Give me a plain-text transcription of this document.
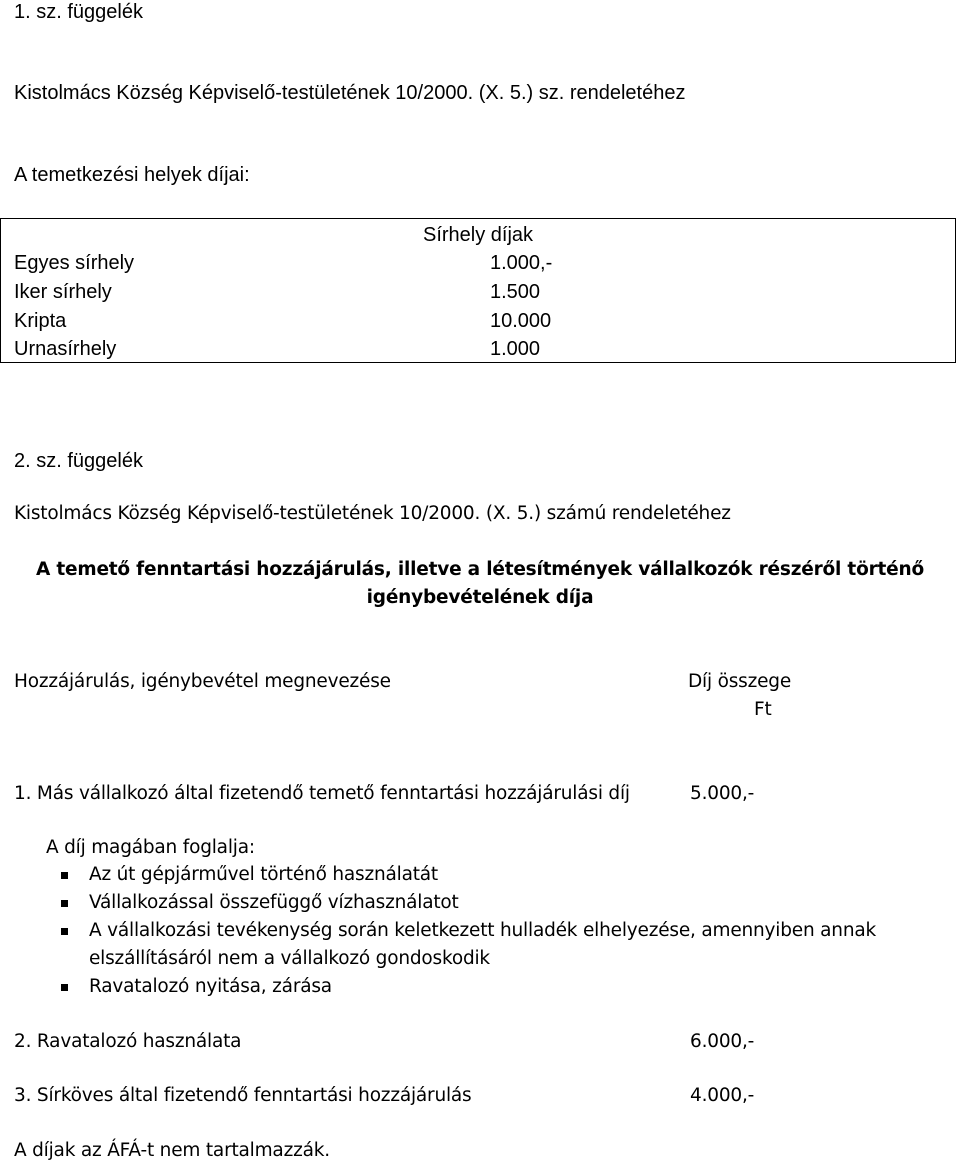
1. sz. függelék
Kistolmács Község Képviselő-testületének 10/2000. (X. 5.) sz. rendeletéhez
A temetkezési helyek díjai:
Sírhely díjak
Egyes sírhely	1.000,-
Iker sírhely	1.500
Kripta	10.000
Urnasírhely	1.000
2. sz. függelék
Kistolmács Község Képviselő-testületének 10/2000. (X. 5.) számú rendeletéhez
A temető fenntartási hozzájárulás, illetve a létesítmények vállalkozók részéről történő
igénybevételének díja
Hozzájárulás, igénybevétel megnevezése	Díj összege
Ft
1. Más vállalkozó által fizetendő temető fenntartási hozzájárulási díj	5.000,-
A díj magában foglalja:
Az út gépjárművel történő használatát
Vállalkozással összefüggő vízhasználatot
A vállalkozási tevékenység során keletkezett hulladék elhelyezése, amennyiben annak
elszállításáról nem a vállalkozó gondoskodik
Ravatalozó nyitása, zárása
2. Ravatalozó használata	6.000,-
3. Sírköves által fizetendő fenntartási hozzájárulás	4.000,-
A díjak az ÁFÁ-t nem tartalmazzák.
